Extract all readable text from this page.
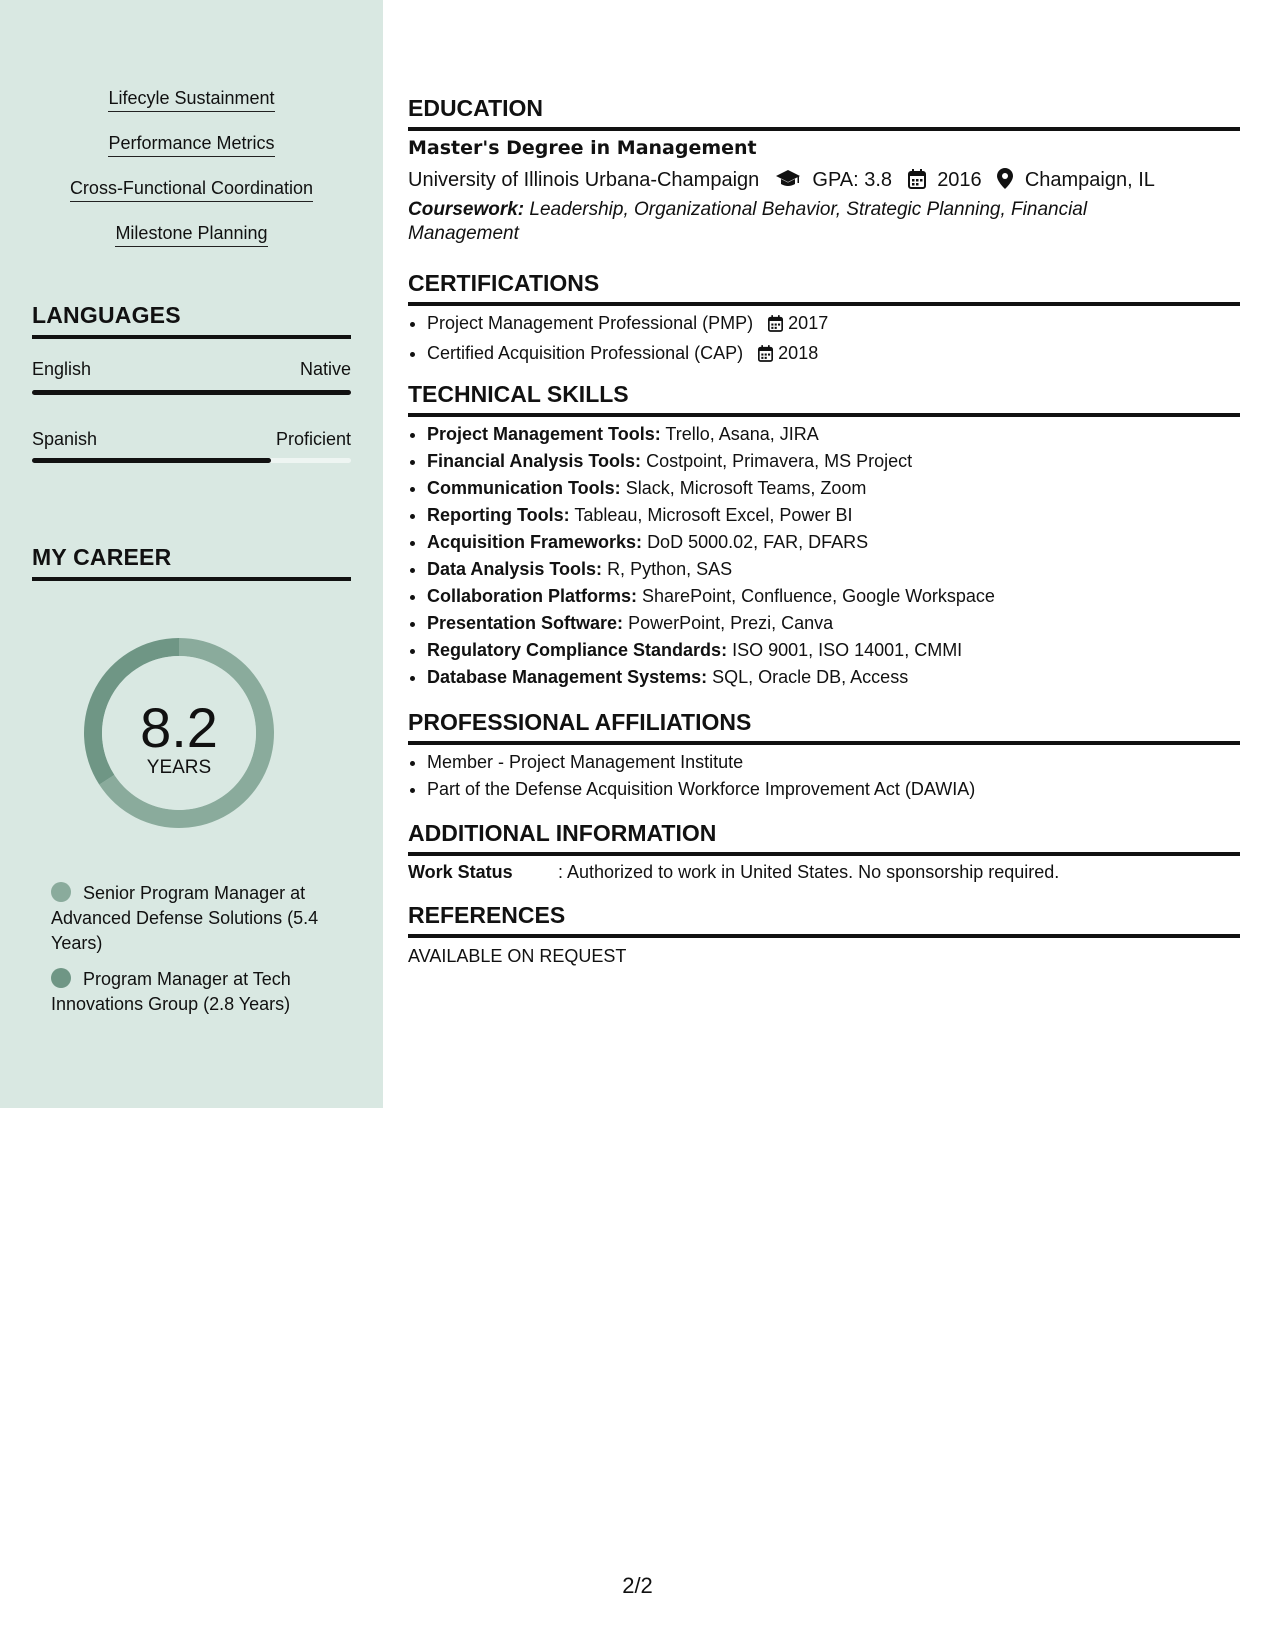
Lifecyle Sustainment
Performance Metrics
Cross-Functional Coordination
Milestone Planning
LANGUAGES
English	Native
Spanish	Proficient
MY CAREER
8.2
YEARS
Senior Program Manager at Advanced Defense Solutions (5.4 Years)
Program Manager at Tech Innovations Group (2.8 Years)
EDUCATION
Master's Degree in Management
University of Illinois Urbana-Champaign	GPA: 3.8 2016 Champaign, IL
Coursework: Leadership, Organizational Behavior, Strategic Planning, Financial Management
CERTIFICATIONS
• Project Management Professional (PMP) 2017
• Certified Acquisition Professional (CAP) 2018
TECHNICAL SKILLS
• Project Management Tools: Trello, Asana, JIRA
• Financial Analysis Tools: Costpoint, Primavera, MS Project
• Communication Tools: Slack, Microsoft Teams, Zoom
• Reporting Tools: Tableau, Microsoft Excel, Power BI
• Acquisition Frameworks: DoD 5000.02, FAR, DFARS
• Data Analysis Tools: R, Python, SAS
• Collaboration Platforms: SharePoint, Confluence, Google Workspace
• Presentation Software: PowerPoint, Prezi, Canva
• Regulatory Compliance Standards: ISO 9001, ISO 14001, CMMI
• Database Management Systems: SQL, Oracle DB, Access
PROFESSIONAL AFFILIATIONS
• Member - Project Management Institute
• Part of the Defense Acquisition Workforce Improvement Act (DAWIA)
ADDITIONAL INFORMATION
Work Status	: Authorized to work in United States. No sponsorship required.
REFERENCES
AVAILABLE ON REQUEST
2/2
